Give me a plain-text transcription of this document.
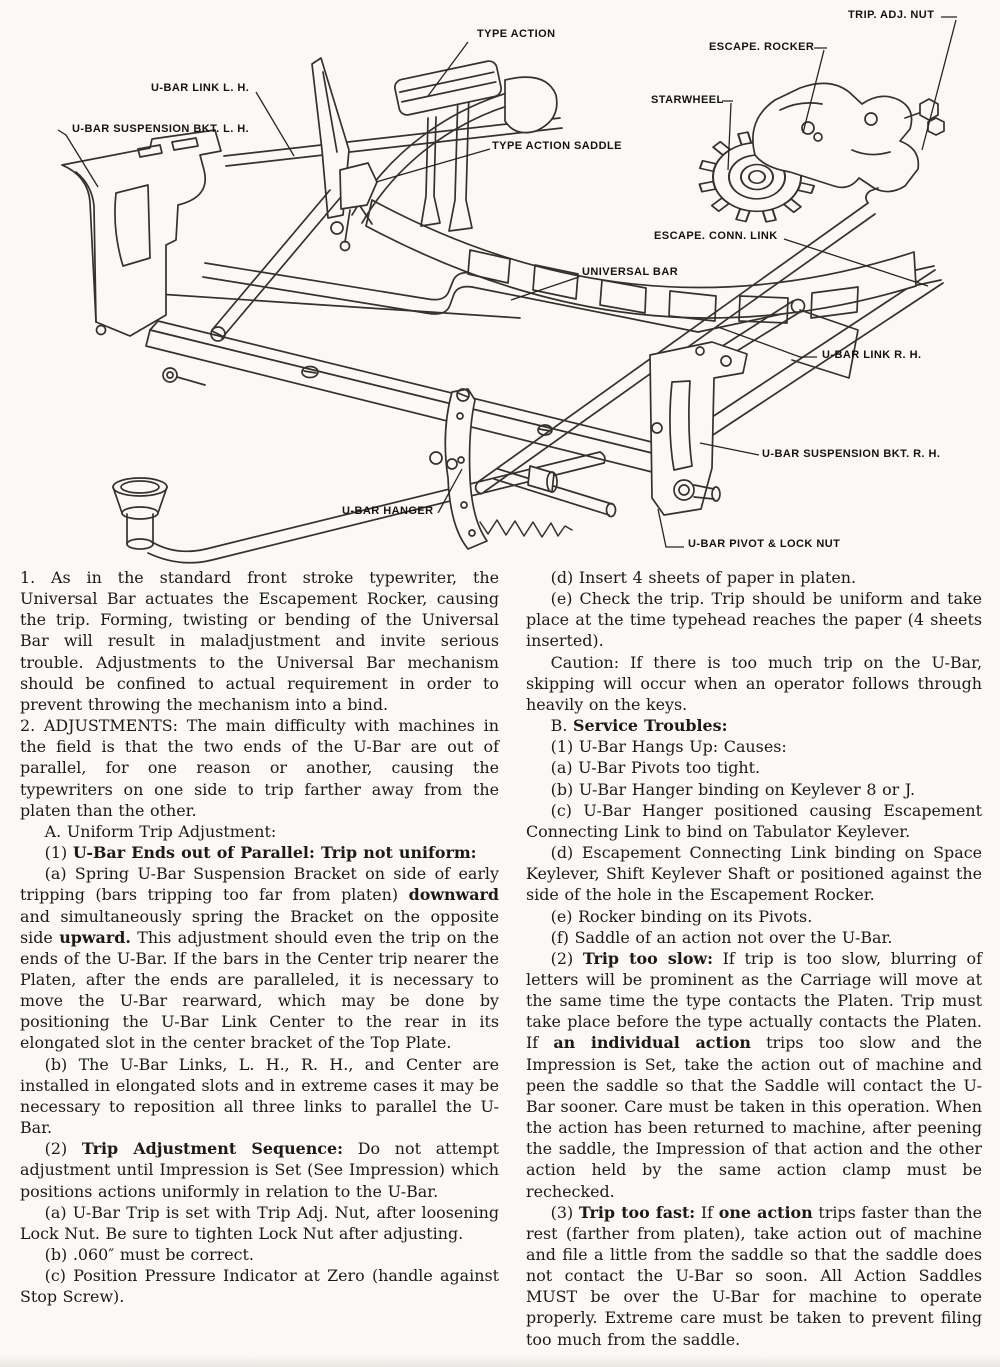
TYPE ACTION
TRIP. ADJ. NUT
ESCAPE. ROCKER
STARWHEEL
U-BAR LINK L. H.
U-BAR SUSPENSION BKT. L. H.
TYPE ACTION SADDLE
ESCAPE. CONN. LINK
UNIVERSAL BAR
U-BAR LINK R. H.
U-BAR SUSPENSION BKT. R. H.
U-BAR HANGER
U-BAR PIVOT & LOCK NUT

1. As in the standard front stroke typewriter, the Universal Bar actuates the Escapement Rocker, causing the trip. Forming, twisting or bending of the Universal Bar will result in maladjustment and invite serious trouble. Adjustments to the Universal Bar mechanism should be confined to actual requirement in order to prevent throwing the mechanism into a bind.

2. ADJUSTMENTS: The main difficulty with machines in the field is that the two ends of the U-Bar are out of parallel, for one reason or another, causing the typewriters on one side to trip farther away from the platen than the other.

A. Uniform Trip Adjustment:

(1) U-Bar Ends out of Parallel: Trip not uniform:

(a) Spring U-Bar Suspension Bracket on side of early tripping (bars tripping too far from platen) downward and simultaneously spring the Bracket on the opposite side upward. This adjustment should even the trip on the ends of the U-Bar. If the bars in the Center trip nearer the Platen, after the ends are paralleled, it is necessary to move the U-Bar rearward, which may be done by positioning the U-Bar Link Center to the rear in its elongated slot in the center bracket of the Top Plate.

(b) The U-Bar Links, L. H., R. H., and Center are installed in elongated slots and in extreme cases it may be necessary to reposition all three links to parallel the U-Bar.

(2) Trip Adjustment Sequence: Do not attempt adjustment until Impression is Set (See Impression) which positions actions uniformly in relation to the U-Bar.

(a) U-Bar Trip is set with Trip Adj. Nut, after loosening Lock Nut. Be sure to tighten Lock Nut after adjusting.

(b) .060″ must be correct.

(c) Position Pressure Indicator at Zero (handle against Stop Screw).

(d) Insert 4 sheets of paper in platen.

(e) Check the trip. Trip should be uniform and take place at the time typehead reaches the paper (4 sheets inserted).

Caution: If there is too much trip on the U-Bar, skipping will occur when an operator follows through heavily on the keys.

B. Service Troubles:

(1) U-Bar Hangs Up: Causes:

(a) U-Bar Pivots too tight.

(b) U-Bar Hanger binding on Keylever 8 or J.

(c) U-Bar Hanger positioned causing Escapement Connecting Link to bind on Tabulator Keylever.

(d) Escapement Connecting Link binding on Space Keylever, Shift Keylever Shaft or positioned against the side of the hole in the Escapement Rocker.

(e) Rocker binding on its Pivots.

(f) Saddle of an action not over the U-Bar.

(2) Trip too slow: If trip is too slow, blurring of letters will be prominent as the Carriage will move at the same time the type contacts the Platen. Trip must take place before the type actually contacts the Platen. If an individual action trips too slow and the Impression is Set, take the action out of machine and peen the saddle so that the Saddle will contact the U-Bar sooner. Care must be taken in this operation. When the action has been returned to machine, after peening the saddle, the Impression of that action and the other action held by the same action clamp must be rechecked.

(3) Trip too fast: If one action trips faster than the rest (farther from platen), take action out of machine and file a little from the saddle so that the saddle does not contact the U-Bar so soon. All Action Saddles MUST be over the U-Bar for machine to operate properly. Extreme care must be taken to prevent filing too much from the saddle.
